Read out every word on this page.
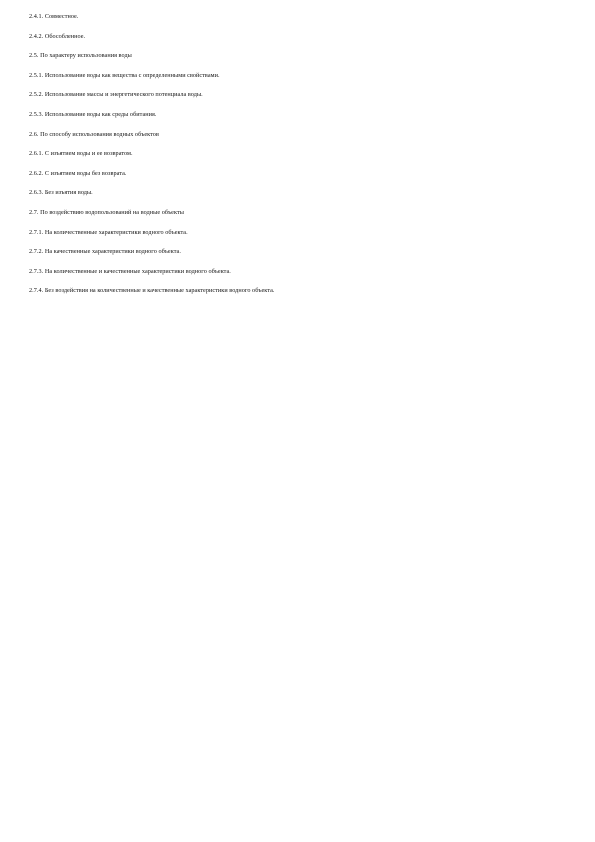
2.4.1. Совместное.
2.4.2. Обособленное.
2.5. По характеру использования воды
2.5.1. Использование воды как вещества с определенными свойствами.
2.5.2. Использование массы и энергетического потенциала воды.
2.5.3. Использование воды как среды обитания.
2.6. По способу использования водных объектов
2.6.1. С изъятием воды и ее возвратом.
2.6.2. С изъятием воды без возврата.
2.6.3. Без изъятия воды.
2.7. По воздействию водопользований на водные объекты
2.7.1. На количественные характеристики водного объекта.
2.7.2. На качественные характеристики водного объекта.
2.7.3. На количественные и качественные характеристики водного объекта.
2.7.4. Без воздействия на количественные и качественные характеристики водного объекта.
